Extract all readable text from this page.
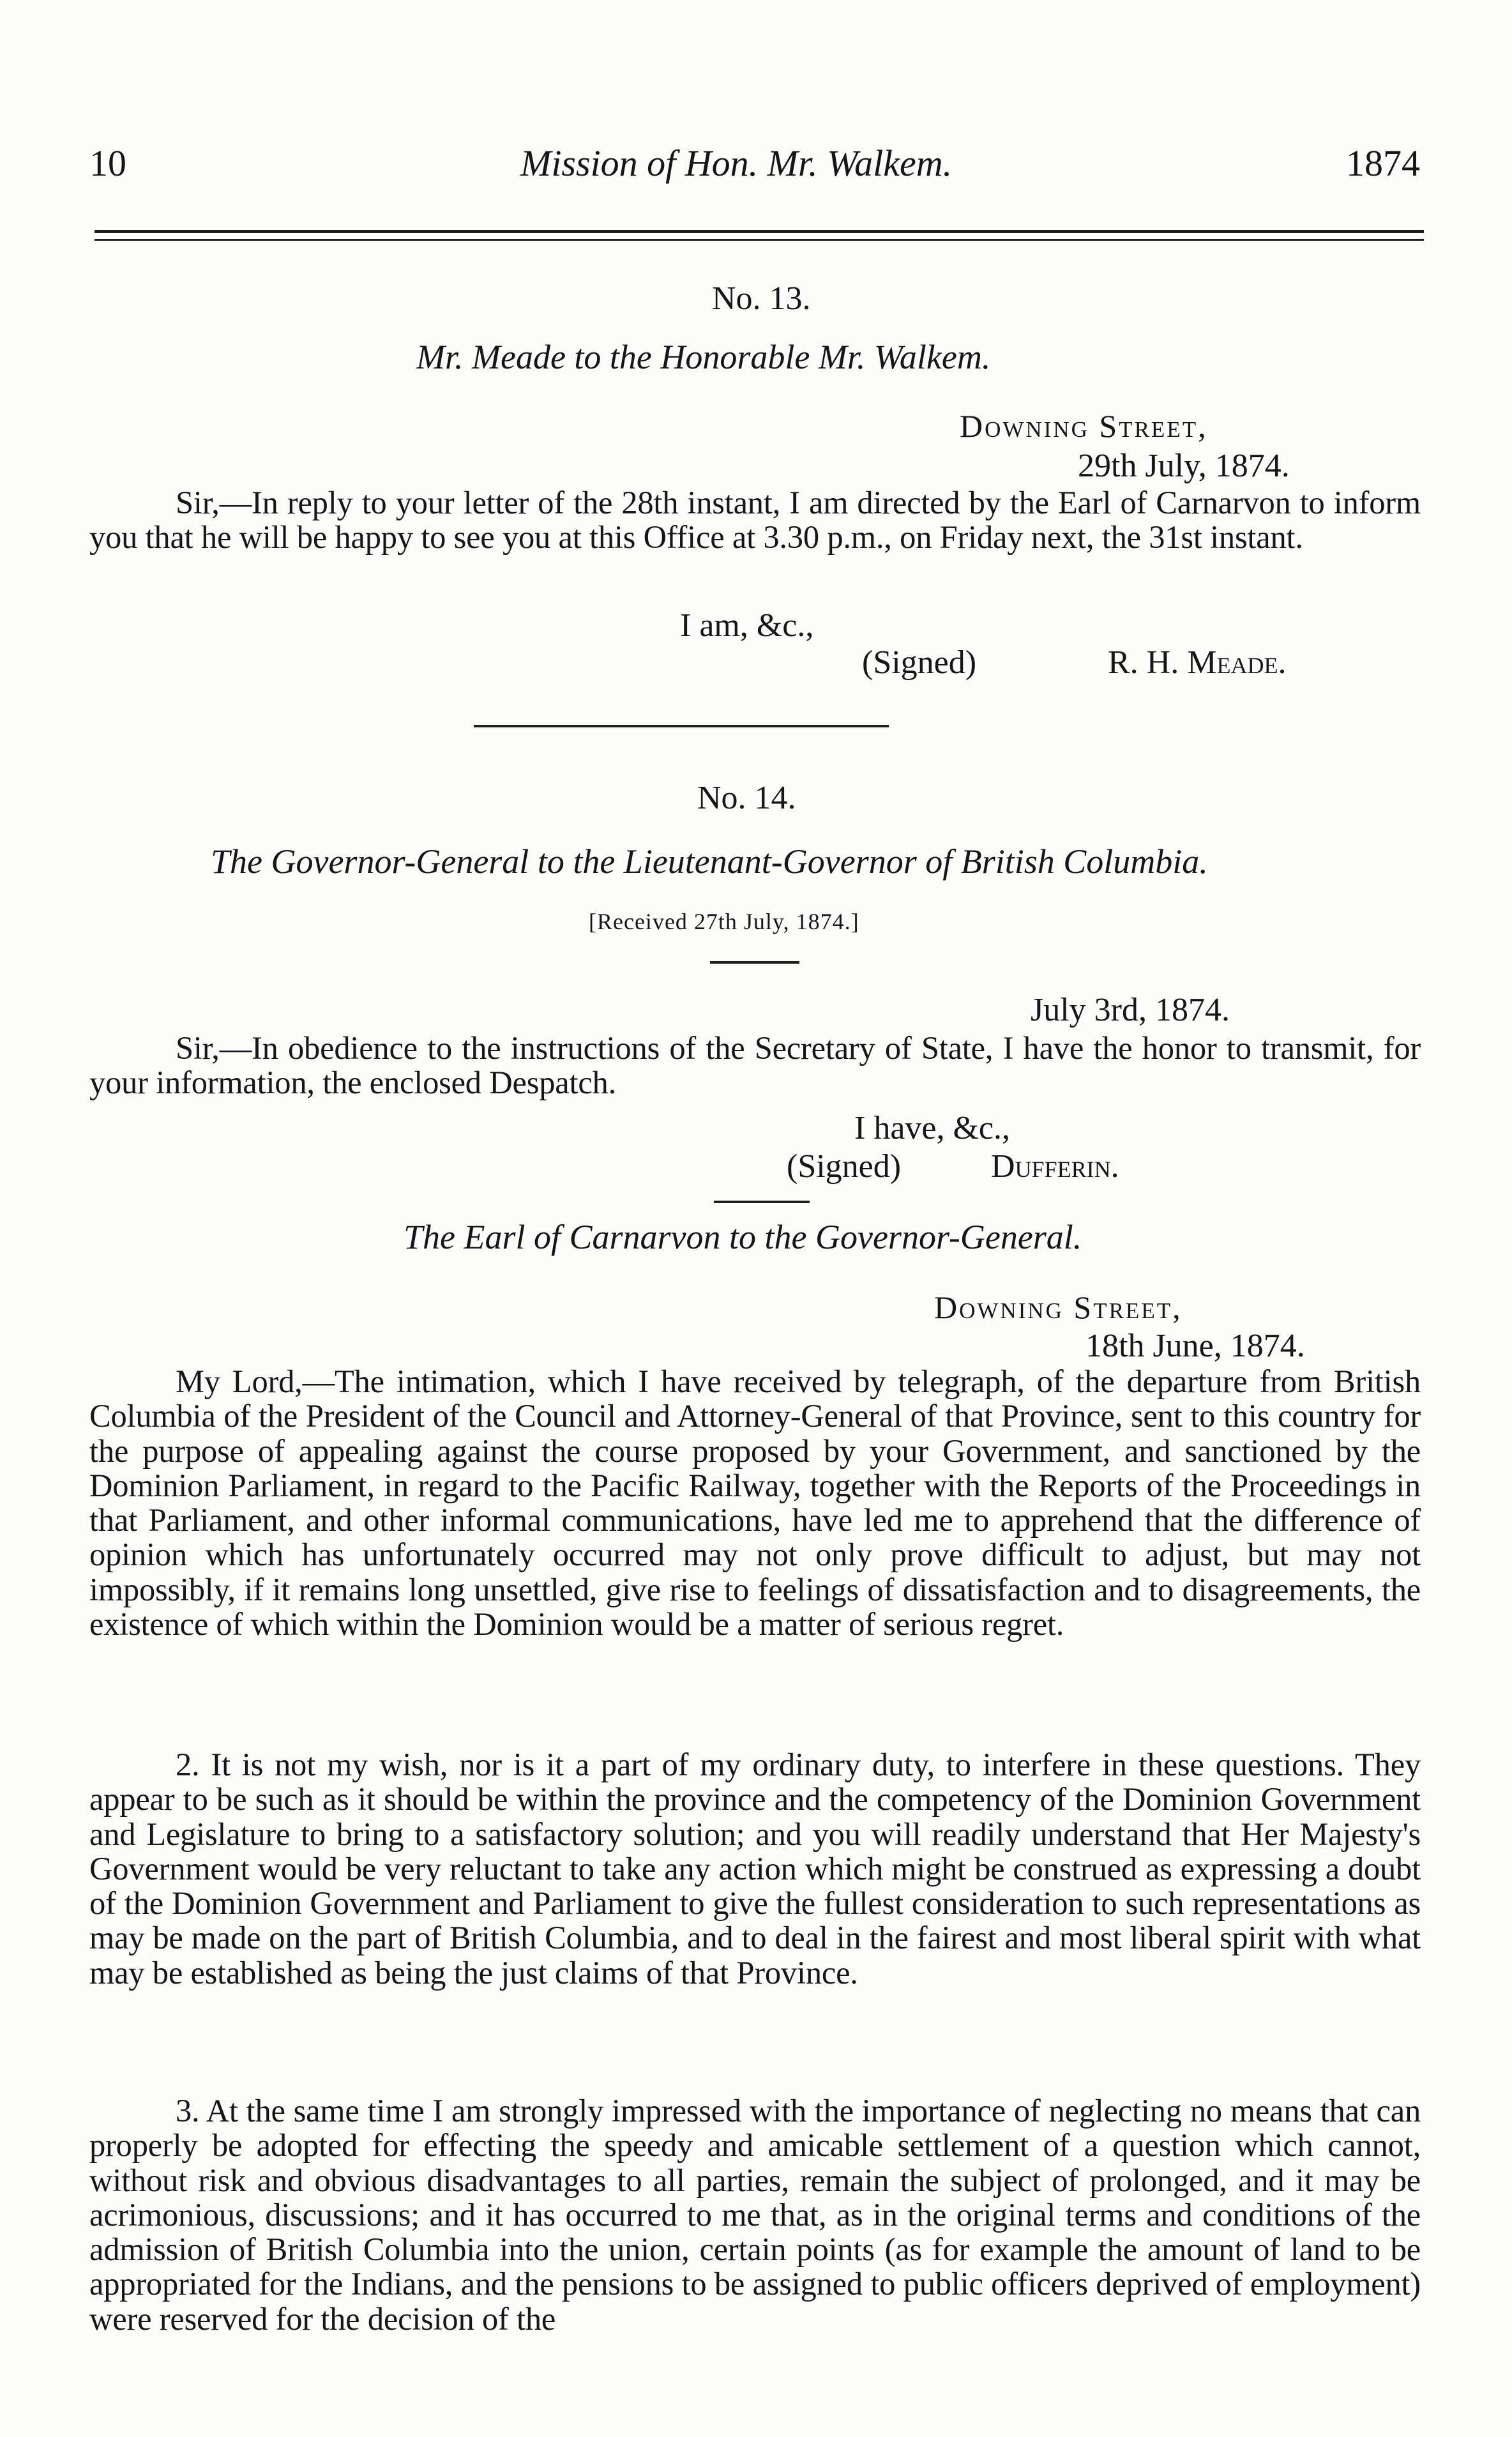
10	Mission of Hon. Mr. Walkem.	1874
No. 13.
Mr. Meade to the Honorable Mr. Walkem.
Downing Street,
29th July, 1874.
Sir,—In reply to your letter of the 28th instant, I am directed by the Earl of Carnarvon to inform you that he will be happy to see you at this Office at 3.30 p.m., on Friday next, the 31st instant.
I am, &c.,
(Signed)	R. H. Meade.
No. 14.
The Governor-General to the Lieutenant-Governor of British Columbia.
[Received 27th July, 1874.]
July 3rd, 1874.
Sir,—In obedience to the instructions of the Secretary of State, I have the honor to transmit, for your information, the enclosed Despatch.
I have, &c.,
(Signed)	Dufferin.
The Earl of Carnarvon to the Governor-General.
Downing Street,
18th June, 1874.
My Lord,—The intimation, which I have received by telegraph, of the departure from British Columbia of the President of the Council and Attorney-General of that Province, sent to this country for the purpose of appealing against the course proposed by your Government, and sanctioned by the Dominion Parliament, in regard to the Pacific Railway, together with the Reports of the Proceedings in that Parliament, and other informal communications, have led me to apprehend that the difference of opinion which has unfortunately occurred may not only prove difficult to adjust, but may not impossibly, if it remains long unsettled, give rise to feelings of dissatisfaction and to disagreements, the existence of which within the Dominion would be a matter of serious regret.
2. It is not my wish, nor is it a part of my ordinary duty, to interfere in these questions. They appear to be such as it should be within the province and the competency of the Dominion Government and Legislature to bring to a satisfactory solution; and you will readily understand that Her Majesty's Government would be very reluctant to take any action which might be construed as expressing a doubt of the Dominion Government and Parliament to give the fullest consideration to such representations as may be made on the part of British Columbia, and to deal in the fairest and most liberal spirit with what may be established as being the just claims of that Province.
3. At the same time I am strongly impressed with the importance of neglecting no means that can properly be adopted for effecting the speedy and amicable settlement of a question which cannot, without risk and obvious disadvantages to all parties, remain the subject of prolonged, and it may be acrimonious, discussions; and it has occurred to me that, as in the original terms and conditions of the admission of British Columbia into the union, certain points (as for example the amount of land to be appropriated for the Indians, and the pensions to be assigned to public officers deprived of employment) were reserved for the decision of the
